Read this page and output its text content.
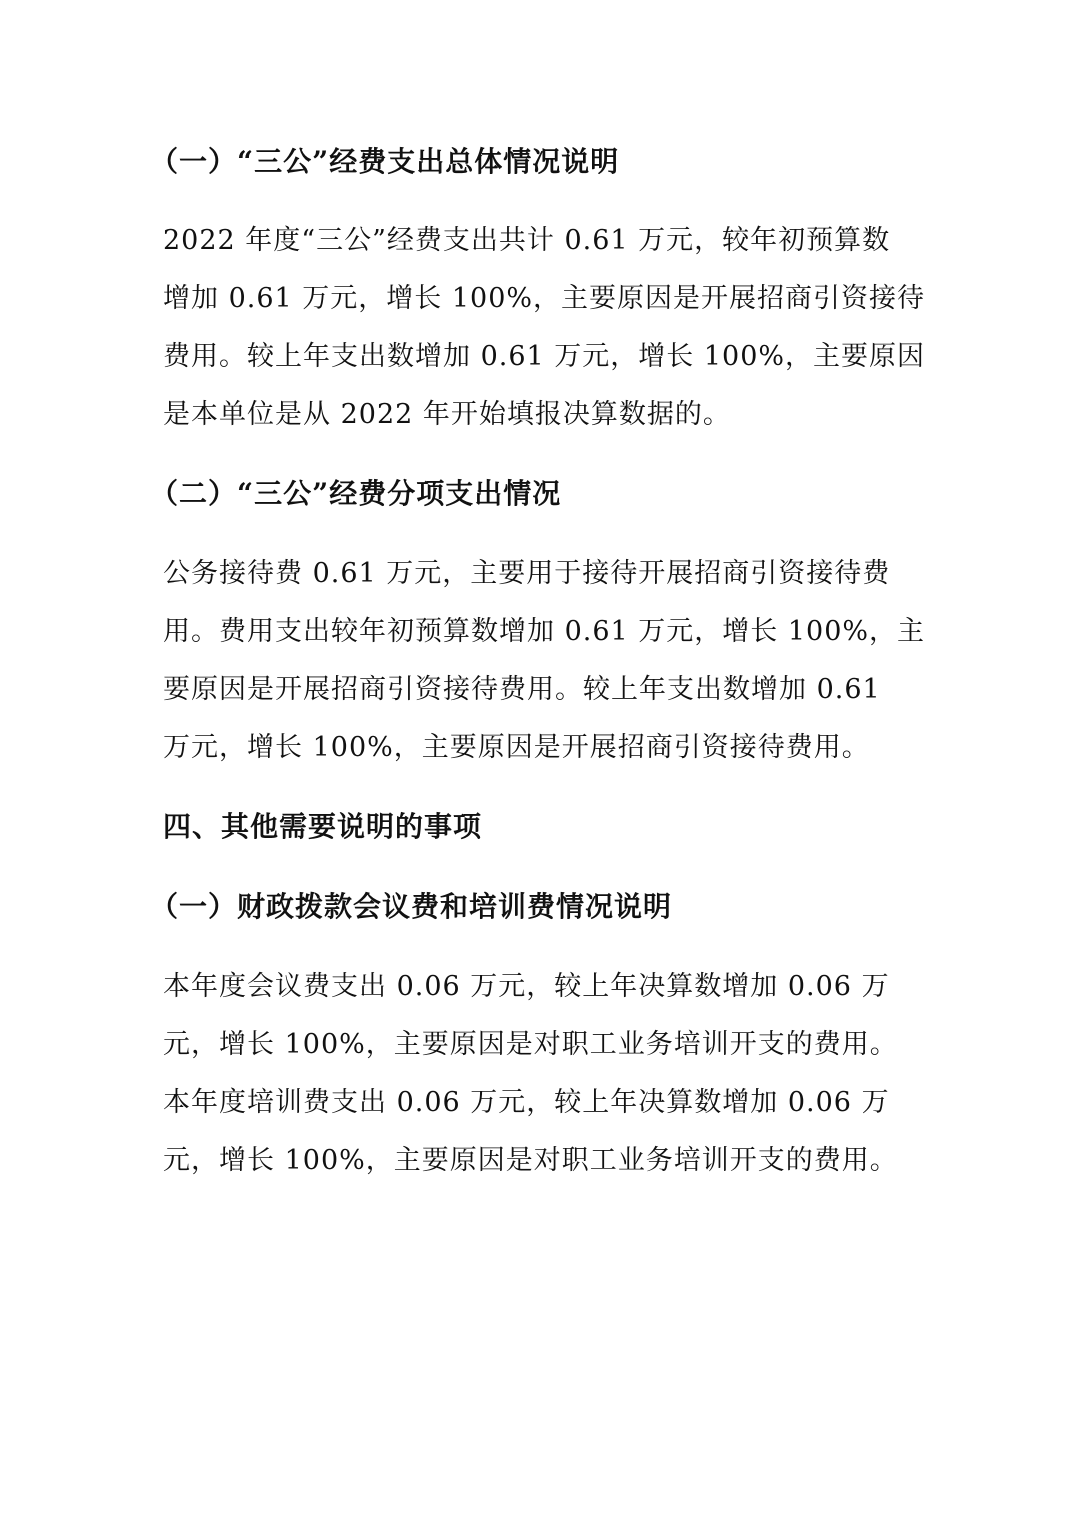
（一）“三公”经费支出总体情况说明
2022 年度“三公”经费支出共计 0.61 万元，较年初预算数
增加 0.61 万元，增长 100%，主要原因是开展招商引资接待
费用。较上年支出数增加 0.61 万元，增长 100%，主要原因
是本单位是从 2022 年开始填报决算数据的。
（二）“三公”经费分项支出情况
公务接待费 0.61 万元，主要用于接待开展招商引资接待费
用。费用支出较年初预算数增加 0.61 万元，增长 100%，主
要原因是开展招商引资接待费用。较上年支出数增加 0.61
万元，增长 100%，主要原因是开展招商引资接待费用。
四、其他需要说明的事项
（一）财政拨款会议费和培训费情况说明
本年度会议费支出 0.06 万元，较上年决算数增加 0.06 万
元，增长 100%，主要原因是对职工业务培训开支的费用。
本年度培训费支出 0.06 万元，较上年决算数增加 0.06 万
元，增长 100%，主要原因是对职工业务培训开支的费用。
